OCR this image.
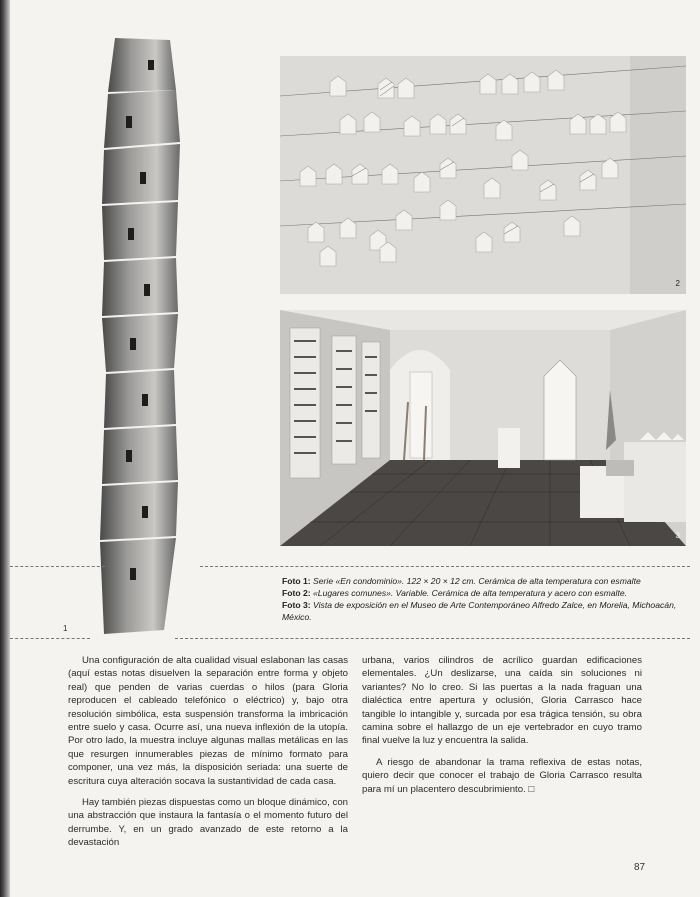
1
2
3
Foto 1: Serie «En condominio». 122 × 20 × 12 cm. Cerámica de alta temperatura con esmalte
Foto 2: «Lugares comunes». Variable. Cerámica de alta temperatura y acero con esmalte.
Foto 3: Vista de exposición en el Museo de Arte Contemporáneo Alfredo Zalce, en Morelia, Michoacán, México.

Una configuración de alta cualidad visual eslabonan las casas (aquí estas notas disuelven la separación entre forma y objeto real) que penden de varias cuerdas o hilos (para Gloria reproducen el cableado telefónico o eléctrico) y, bajo otra resolución simbólica, esta suspensión transforma la imbricación entre suelo y casa. Ocurre así, una nueva inflexión de la utopía. Por otro lado, la muestra incluye algunas mallas metálicas en las que resurgen innumerables piezas de mínimo formato para componer, una vez más, la disposición seriada: una suerte de escritura cuya alteración socava la sustantividad de cada casa.

Hay también piezas dispuestas como un bloque dinámico, con una abstracción que instaura la fantasía o el momento futuro del derrumbe. Y, en un grado avanzado de este retorno a la devastación

urbana, varios cilindros de acrílico guardan edificaciones elementales. ¿Un deslizarse, una caída sin soluciones ni variantes? No lo creo. Si las puertas a la nada fraguan una dialéctica entre apertura y oclusión, Gloria Carrasco hace tangible lo intangible y, surcada por esa trágica tensión, su obra camina sobre el hallazgo de un eje vertebrador en cuyo tramo final vuelve la luz y encuentra la salida.

A riesgo de abandonar la trama reflexiva de estas notas, quiero decir que conocer el trabajo de Gloria Carrasco resulta para mí un placentero descubrimiento. □

87
